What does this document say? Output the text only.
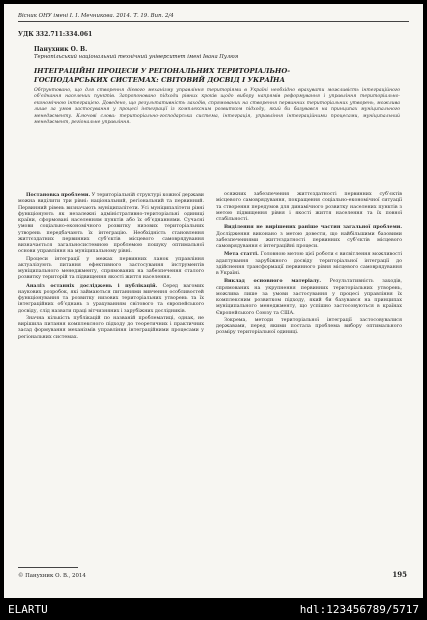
Вісник ОНУ імені І. І. Мечникова. 2014. Т. 19. Вип. 2/4
УДК 332.711:334.061
Панухник О. В.
Тернопільський національний технічний університет імені Івана Пулюя
ІНТЕГРАЦІЙНІ ПРОЦЕСИ У РЕГІОНАЛЬНИХ ТЕРИТОРІАЛЬНО-ГОСПОДАРСЬКИХ СИСТЕМАХ: СВІТОВИЙ ДОСВІД І УКРАЇНА
Обґрунтовано, що для створення дієвого механізму управління територіями в Україні необхідно врахувати можливість інтеграційного об’єднання населених пунктів. Запропоновано підходи рівних кроків щодо вибору напрямів реформування і управління територіально-економічною інтеграцією. Доведено, що результативність заходів, спрямованих на створення первинних територіальних утворень, можлива лише за умов застосування у процесі інтеграції із комплексним розвитком підходу, який би базувався на принципах муніципального менеджменту. Ключові слова: територіально-господарська система, інтеграція, управління інтеграційними процесами, муніципальний менеджмент, регіональне управління.

Постановка проблеми. У територіальній структурі кожної держави можна виділити три рівні: національний, регіональний та первинний. Первинний рівень визначають муніципалітети. Усі муніципалітети рівні функціонують як незалежні адміністративно-територіальні одиниці країни, сформовані населенням пунктів або їх об’єднаннями. Сучасні умови соціально-економічного розвитку низових територіальних утворень передбачають їх інтеграцію. Необхідність становлення життєздатних первинних суб’єктів місцевого самоврядування визначається загальносистемною проблемою пошуку оптимальної основи управління на муніципальному рівні.

Процеси інтеграції у межах первинних ланок управління актуалізують питання ефективного застосування інструментів муніципального менеджменту, спрямованих на забезпечення сталого розвитку територій та підвищення якості життя населення.

Аналіз останніх досліджень і публікацій. Серед вагомих наукових розробок, які займаються питаннями вивчення особливостей функціонування та розвитку низових територіальних утворень та їх інтеграційних об’єднань з урахуванням світового та європейського досвіду, слід назвати праці вітчизняних і зарубіжних дослідників.

Значна кількість публікацій по названій проблематиці, однак, не вирішила питання комплексного підходу до теоретичних і практичних засад формування механізмів управління інтеграційними процесами у регіональних системах.

осяжних забезпечення життєздатності первинних суб’єктів місцевого самоврядування, покращення соціально-економічної ситуації та створення передумов для динамічного розвитку населених пунктів з метою підвищення рівня і якості життя населення та їх повної стабільності.

Виділення не вирішених раніше частин загальної проблеми. Дослідження виконано з метою довести, що найбільшими базовими забезпеченнями життєздатності первинних суб’єктів місцевого самоврядування є інтеграційні процеси.

Мета статті. Головною метою цієї роботи є висвітлення можливості адаптування зарубіжного досвіду територіальної інтеграції до здійснення трансформації первинного рівня місцевого самоврядування в Україні.

Виклад основного матеріалу. Результативність заходів, спрямованих на укрупнення первинних територіальних утворень, можлива лише за умови застосування у процесі управління їх комплексним розвитком підходу, який би базувався на принципах муніципального менеджменту, що успішно застосовуються в країнах Європейського Союзу та США.

Зокрема, методи територіальної інтеграції застосовувалися державами, перед якими постала проблема вибору оптимального розміру територіальної одиниці.

© Панухник О. В., 2014	195
ELARTU	hdl:123456789/5717
